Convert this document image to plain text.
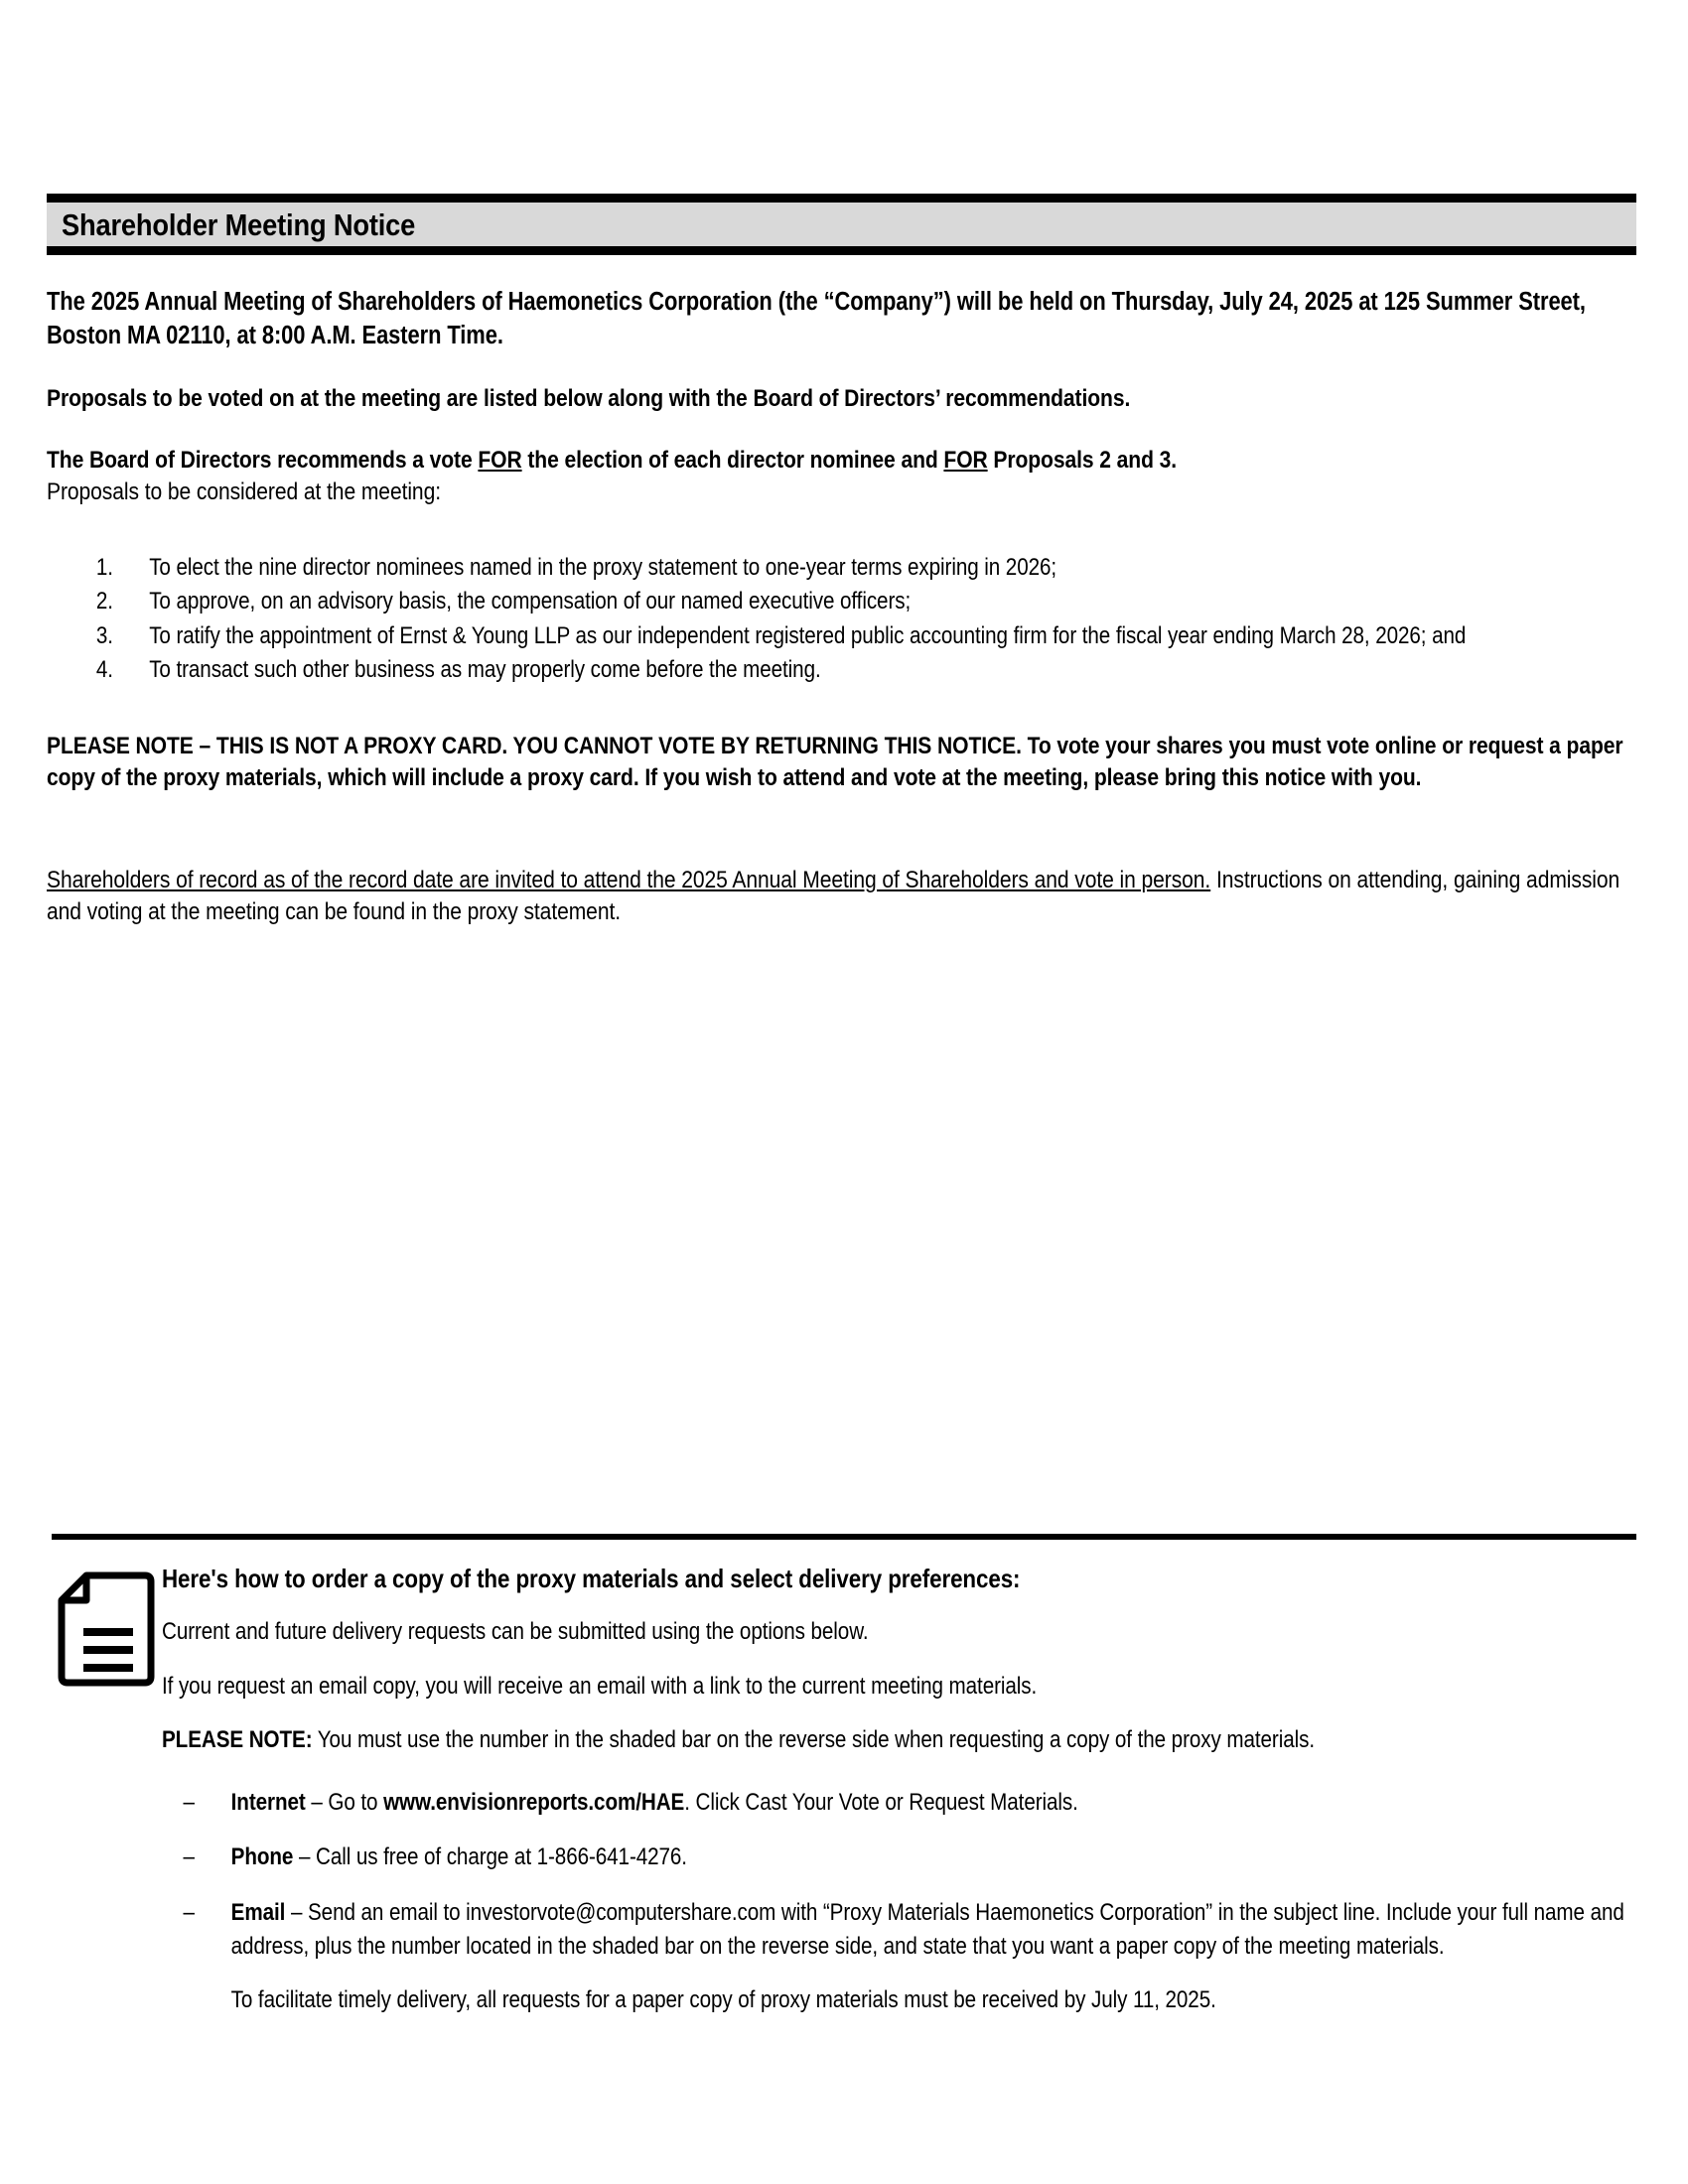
Shareholder Meeting Notice
The 2025 Annual Meeting of Shareholders of Haemonetics Corporation (the “Company”) will be held on Thursday, July 24, 2025 at 125 Summer Street, Boston MA 02110, at 8:00 A.M. Eastern Time.
Proposals to be voted on at the meeting are listed below along with the Board of Directors’ recommendations.
The Board of Directors recommends a vote FOR the election of each director nominee and FOR Proposals 2 and 3.
Proposals to be considered at the meeting:
1.	To elect the nine director nominees named in the proxy statement to one-year terms expiring in 2026;
2.	To approve, on an advisory basis, the compensation of our named executive officers;
3.	To ratify the appointment of Ernst & Young LLP as our independent registered public accounting firm for the fiscal year ending March 28, 2026; and
4.	To transact such other business as may properly come before the meeting.
PLEASE NOTE – THIS IS NOT A PROXY CARD. YOU CANNOT VOTE BY RETURNING THIS NOTICE. To vote your shares you must vote online or request a paper copy of the proxy materials, which will include a proxy card. If you wish to attend and vote at the meeting, please bring this notice with you.
Shareholders of record as of the record date are invited to attend the 2025 Annual Meeting of Shareholders and vote in person. Instructions on attending, gaining admission and voting at the meeting can be found in the proxy statement.
Here's how to order a copy of the proxy materials and select delivery preferences:
Current and future delivery requests can be submitted using the options below.
If you request an email copy, you will receive an email with a link to the current meeting materials.
PLEASE NOTE: You must use the number in the shaded bar on the reverse side when requesting a copy of the proxy materials.
– Internet – Go to www.envisionreports.com/HAE. Click Cast Your Vote or Request Materials.
– Phone – Call us free of charge at 1-866-641-4276.
– Email – Send an email to investorvote@computershare.com with “Proxy Materials Haemonetics Corporation” in the subject line. Include your full name and address, plus the number located in the shaded bar on the reverse side, and state that you want a paper copy of the meeting materials.
To facilitate timely delivery, all requests for a paper copy of proxy materials must be received by July 11, 2025.
